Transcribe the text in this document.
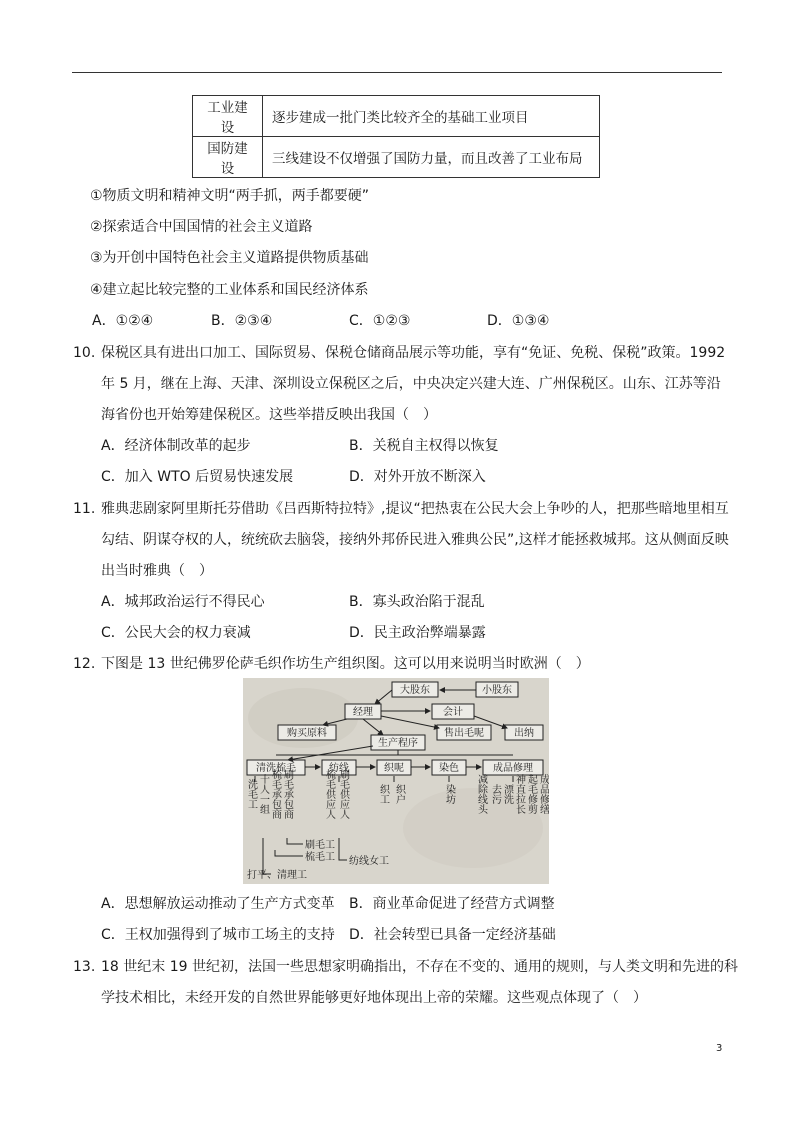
工业建设	逐步建成一批门类比较齐全的基础工业项目
国防建设	三线建设不仅增强了国防力量，而且改善了工业布局
①物质文明和精神文明“两手抓，两手都要硬”
②探索适合中国国情的社会主义道路
③为开创中国特色社会主义道路提供物质基础
④建立起比较完整的工业体系和国民经济体系
A．①②④	B．②③④	C．①②③	D．①③④
10. 保税区具有进出口加工、国际贸易、保税仓储商品展示等功能，享有“免证、免税、保税”政策。1992
年 5 月，继在上海、天津、深圳设立保税区之后，中央决定兴建大连、广州保税区。山东、江苏等沿
海省份也开始筹建保税区。这些举措反映出我国（　）
A．经济体制改革的起步	B．关税自主权得以恢复
C．加入 WTO 后贸易快速发展	D．对外开放不断深入
11. 雅典悲剧家阿里斯托芬借助《吕西斯特拉特》,提议“把热衷在公民大会上争吵的人，把那些暗地里相互
勾结、阴谋夺权的人，统统砍去脑袋，接纳外邦侨民进入雅典公民”,这样才能拯救城邦。这从侧面反映
出当时雅典（　）
A．城邦政治运行不得民心	B．寡头政治陷于混乱
C．公民大会的权力衰减	D．民主政治弊端暴露
12. 下图是 13 世纪佛罗伦萨毛织作坊生产组织图。这可以用来说明当时欧洲（　）
大股东	小股东
经理	会计
购买原料	售出毛呢	出纳
生产程序
清洗梳毛	纺线	织呢	染色	成品修理
洗毛工 十人一组 梳毛承包商 刷毛承包商	梳毛供应人 刷毛供应人	织工 织户	染坊 减除线头 去污 漂洗 神直拉长 起毛修剪 成品修缮
刷毛工
梳毛工
打平、清理工
纺线女工
A．思想解放运动推动了生产方式变革 B．商业革命促进了经营方式调整
C．王权加强得到了城市工场主的支持 D．社会转型已具备一定经济基础
13. 18 世纪末 19 世纪初，法国一些思想家明确指出，不存在不变的、通用的规则，与人类文明和先进的科
学技术相比，未经开发的自然世界能够更好地体现出上帝的荣耀。这些观点体现了（　）
3
